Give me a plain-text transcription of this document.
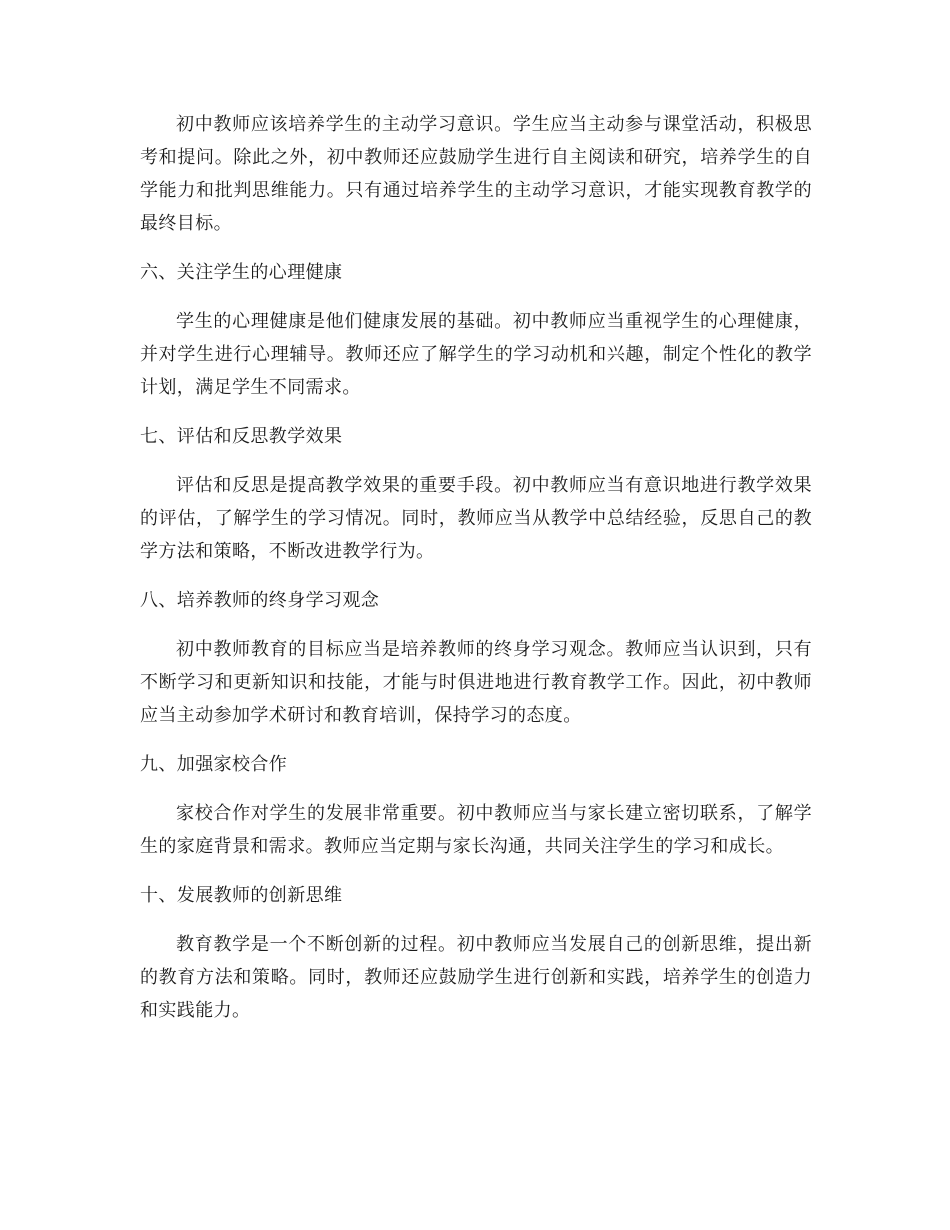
初中教师应该培养学生的主动学习意识。学生应当主动参与课堂活动，积极思考和提问。除此之外，初中教师还应鼓励学生进行自主阅读和研究，培养学生的自学能力和批判思维能力。只有通过培养学生的主动学习意识，才能实现教育教学的最终目标。

六、关注学生的心理健康

学生的心理健康是他们健康发展的基础。初中教师应当重视学生的心理健康，并对学生进行心理辅导。教师还应了解学生的学习动机和兴趣，制定个性化的教学计划，满足学生不同需求。

七、评估和反思教学效果

评估和反思是提高教学效果的重要手段。初中教师应当有意识地进行教学效果的评估，了解学生的学习情况。同时，教师应当从教学中总结经验，反思自己的教学方法和策略，不断改进教学行为。

八、培养教师的终身学习观念

初中教师教育的目标应当是培养教师的终身学习观念。教师应当认识到，只有不断学习和更新知识和技能，才能与时俱进地进行教育教学工作。因此，初中教师应当主动参加学术研讨和教育培训，保持学习的态度。

九、加强家校合作

家校合作对学生的发展非常重要。初中教师应当与家长建立密切联系，了解学生的家庭背景和需求。教师应当定期与家长沟通，共同关注学生的学习和成长。

十、发展教师的创新思维

教育教学是一个不断创新的过程。初中教师应当发展自己的创新思维，提出新的教育方法和策略。同时，教师还应鼓励学生进行创新和实践，培养学生的创造力和实践能力。
